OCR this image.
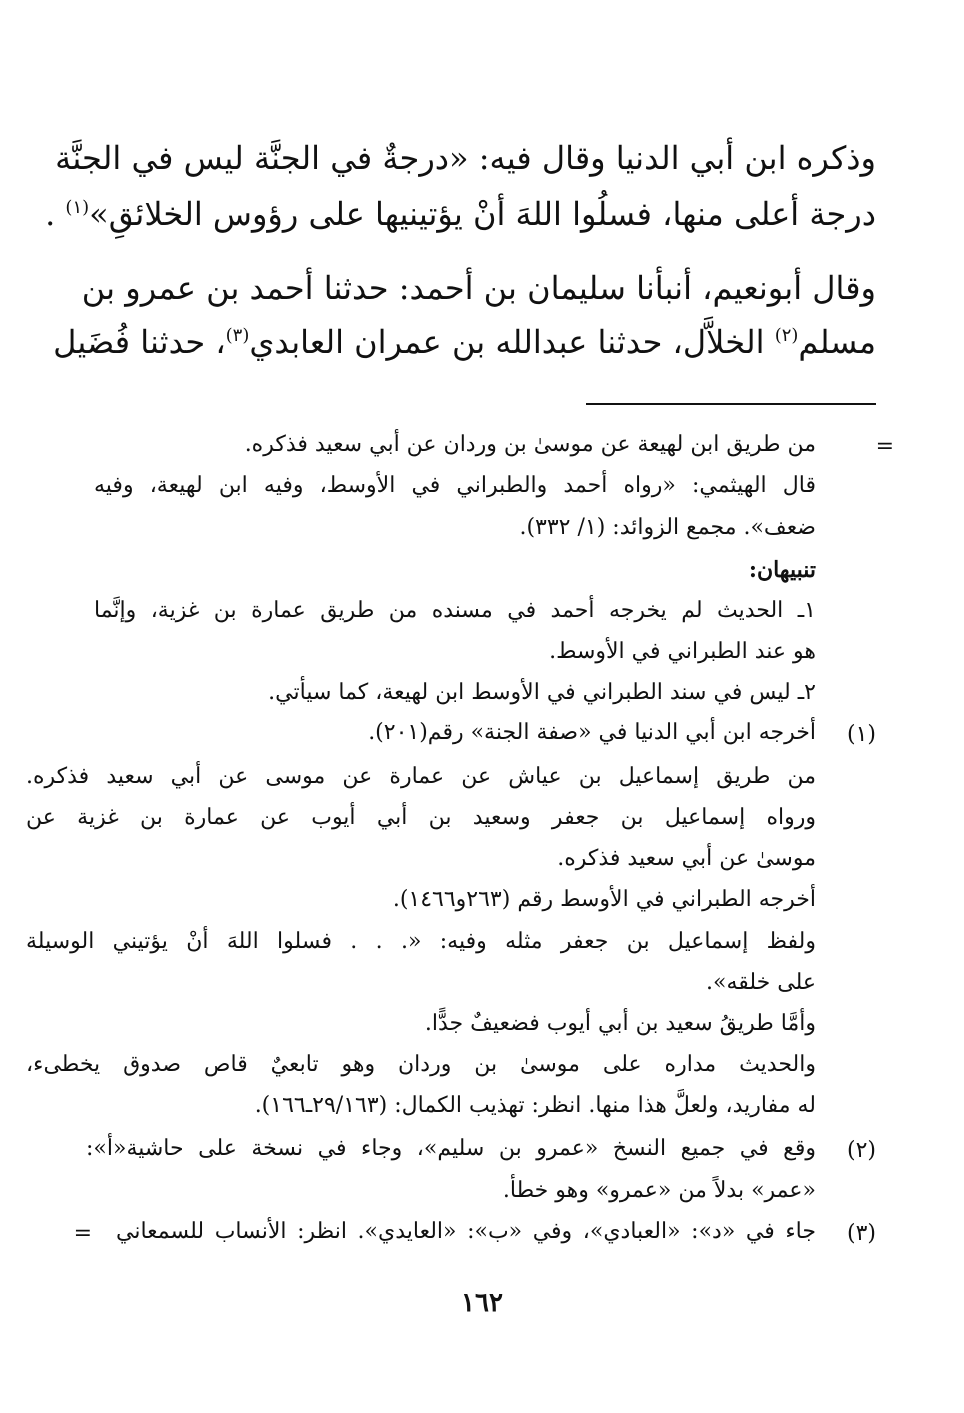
وذكره ابن أبي الدنيا وقال فيه: «درجةٌ في الجنَّة ليس في الجنَّة
درجة أعلى منها، فسلُوا اللهَ أنْ يؤتينيها على رؤوس الخلائقِ»$^{(١)}$ .
وقال أبونعيم، أنبأنا سليمان بن أحمد: حدثنا أحمد بن عمرو بن
مسلم$^{(٢)}$ الخلاَّل، حدثنا عبدالله بن عمران العابدي$^{(٣)}$، حدثنا فُضَيل
=
من طريق ابن لهيعة عن موسىٰ بن وردان عن أبي سعيد فذكره.
قال الهيثمي: «رواه أحمد والطبراني في الأوسط، وفيه ابن لهيعة، وفيه
ضعف». مجمع الزوائد: (١/ ٣٣٢).
تنبيهان:
١ـ الحديث لم يخرجه أحمد في مسنده من طريق عمارة بن غزية، وإنَّما
هو عند الطبراني في الأوسط.
٢ـ ليس في سند الطبراني في الأوسط ابن لهيعة، كما سيأتي.
(١)
أخرجه ابن أبي الدنيا في «صفة الجنة» رقم(٢٠١).
من طريق إسماعيل بن عياش عن عمارة عن موسى عن أبي سعيد فذكره.
ورواه إسماعيل بن جعفر وسعيد بن أبي أيوب عن عمارة بن غزية عن
موسىٰ عن أبي سعيد فذكره.
أخرجه الطبراني في الأوسط رقم (٢٦٣و١٤٦٦).
ولفظ إسماعيل بن جعفر مثله وفيه: «. . . فسلوا اللهَ أنْ يؤتيني الوسيلة
على خلقه».
وأمَّا طريقُ سعيد بن أبي أيوب فضعيفٌ جدًّا.
والحديث مداره على موسىٰ بن وردان وهو تابعيٌ قاص صدوق يخطىء،
له مفاريد، ولعلَّ هذا منها. انظر: تهذيب الكمال: (٢٩/١٦٣ـ١٦٦).
(٢)
وقع في جميع النسخ «عمرو بن سليم»، وجاء في نسخة على حاشية«أ»:
«عمر» بدلاً من «عمرو» وهو خطأ.
(٣)
جاء في «د»: «العبادي»، وفي «ب»: «العايدي». انظر: الأنساب للسمعاني
=
١٦٢
